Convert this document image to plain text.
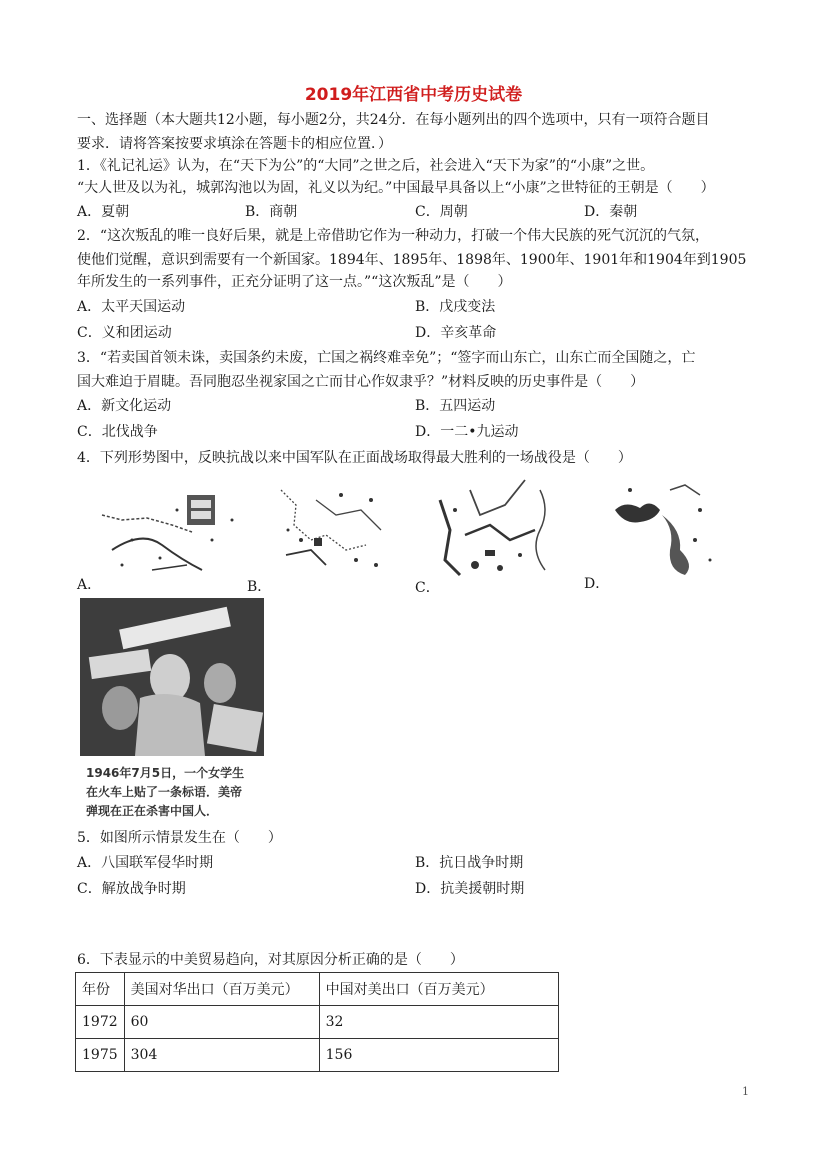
2019年江西省中考历史试卷
一、选择题（本大题共12小题，每小题2分，共24分．在每小题列出的四个选项中，只有一项符合题目
要求．请将答案按要求填涂在答题卡的相应位置．）
1．《礼记礼运》认为，在“天下为公”的“大同”之世之后，社会进入“天下为家”的“小康”之世。
“大人世及以为礼，城郭沟池以为固，礼义以为纪。”中国最早具备以上“小康”之世特征的王朝是（　　）
A．夏朝	B．商朝	C．周朝	D．秦朝
2．“这次叛乱的唯一良好后果，就是上帝借助它作为一种动力，打破一个伟大民族的死气沉沉的气氛，
使他们觉醒，意识到需要有一个新国家。1894年、1895年、1898年、1900年、1901年和1904年到1905
年所发生的一系列事件，正充分证明了这一点。”“这次叛乱”是（　　）
A．太平天国运动	B．戊戌变法
C．义和团运动	D．辛亥革命
3．“若卖国首领未诛，卖国条约未废，亡国之祸终难幸免”；“签字而山东亡，山东亡而全国随之，亡
国大难迫于眉睫。吾同胞忍坐视家国之亡而甘心作奴隶乎？”材料反映的历史事件是（　　）
A．新文化运动	B．五四运动
C．北伐战争	D．一二•九运动
4．下列形势图中，反映抗战以来中国军队在正面战场取得最大胜利的一场战役是（　　）
A．	B．	C．	D．
1946年7月5日，一个女学生
在火车上贴了一条标语．美帝
弹现在正在杀害中国人．
5．如图所示情景发生在（　　）
A．八国联军侵华时期	B．抗日战争时期
C．解放战争时期	D．抗美援朝时期
6．下表显示的中美贸易趋向，对其原因分析正确的是（　　）
年份	美国对华出口（百万美元）	中国对美出口（百万美元）
1972	60	32
1975	304	156
1
